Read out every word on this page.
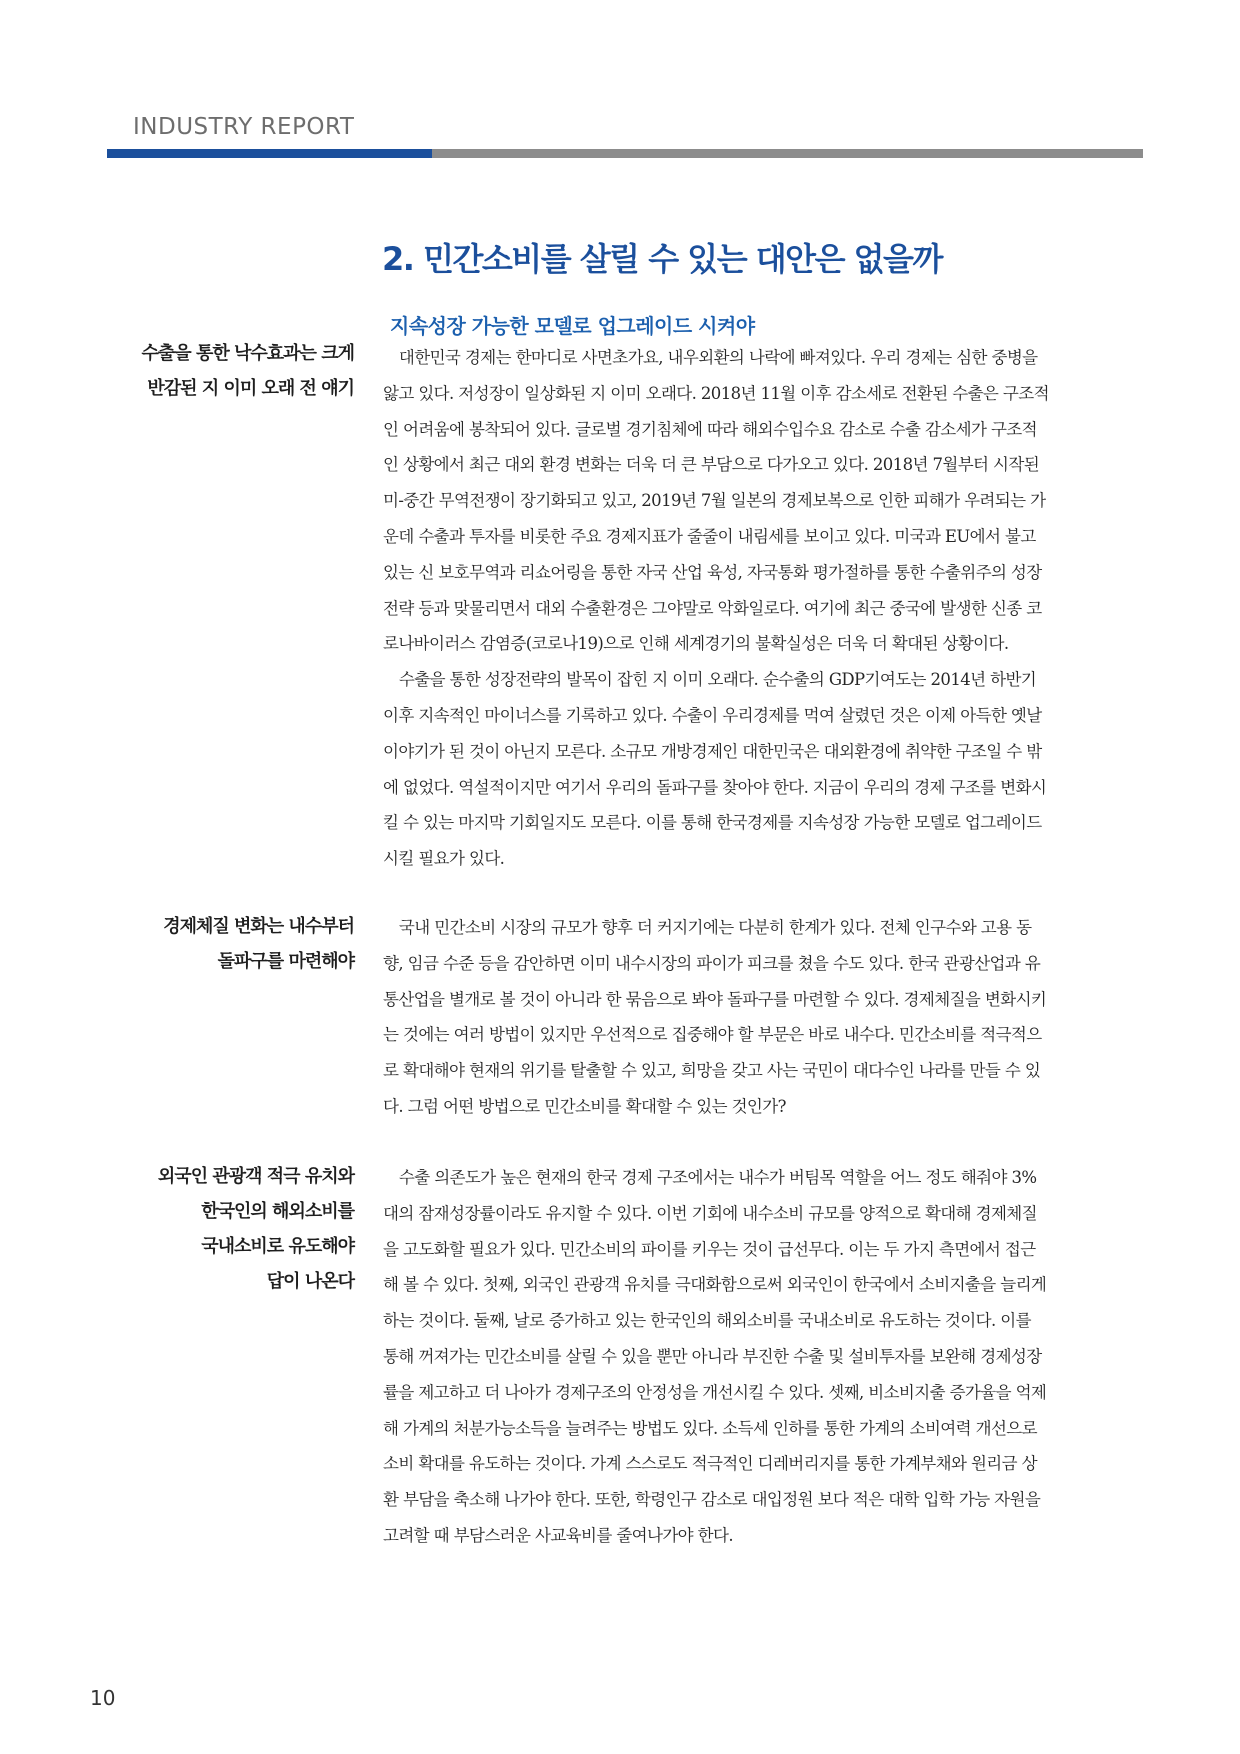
INDUSTRY REPORT
2. 민간소비를 살릴 수 있는 대안은 없을까
지속성장 가능한 모델로 업그레이드 시켜야
수출을 통한 낙수효과는 크게
반감된 지 이미 오래 전 얘기
　대한민국 경제는 한마디로 사면초가요, 내우외환의 나락에 빠져있다. 우리 경제는 심한 중병을
앓고 있다. 저성장이 일상화된 지 이미 오래다. 2018년 11월 이후 감소세로 전환된 수출은 구조적
인 어려움에 봉착되어 있다. 글로벌 경기침체에 따라 해외수입수요 감소로 수출 감소세가 구조적
인 상황에서 최근 대외 환경 변화는 더욱 더 큰 부담으로 다가오고 있다. 2018년 7월부터 시작된
미-중간 무역전쟁이 장기화되고 있고, 2019년 7월 일본의 경제보복으로 인한 피해가 우려되는 가
운데 수출과 투자를 비롯한 주요 경제지표가 줄줄이 내림세를 보이고 있다. 미국과 EU에서 불고
있는 신 보호무역과 리쇼어링을 통한 자국 산업 육성, 자국통화 평가절하를 통한 수출위주의 성장
전략 등과 맞물리면서 대외 수출환경은 그야말로 악화일로다. 여기에 최근 중국에 발생한 신종 코
로나바이러스 감염증(코로나19)으로 인해 세계경기의 불확실성은 더욱 더 확대된 상황이다.
　수출을 통한 성장전략의 발목이 잡힌 지 이미 오래다. 순수출의 GDP기여도는 2014년 하반기
이후 지속적인 마이너스를 기록하고 있다. 수출이 우리경제를 먹여 살렸던 것은 이제 아득한 옛날
이야기가 된 것이 아닌지 모른다. 소규모 개방경제인 대한민국은 대외환경에 취약한 구조일 수 밖
에 없었다. 역설적이지만 여기서 우리의 돌파구를 찾아야 한다. 지금이 우리의 경제 구조를 변화시
킬 수 있는 마지막 기회일지도 모른다. 이를 통해 한국경제를 지속성장 가능한 모델로 업그레이드
시킬 필요가 있다.
경제체질 변화는 내수부터
돌파구를 마련해야
　국내 민간소비 시장의 규모가 향후 더 커지기에는 다분히 한계가 있다. 전체 인구수와 고용 동
향, 임금 수준 등을 감안하면 이미 내수시장의 파이가 피크를 쳤을 수도 있다. 한국 관광산업과 유
통산업을 별개로 볼 것이 아니라 한 묶음으로 봐야 돌파구를 마련할 수 있다. 경제체질을 변화시키
는 것에는 여러 방법이 있지만 우선적으로 집중해야 할 부문은 바로 내수다. 민간소비를 적극적으
로 확대해야 현재의 위기를 탈출할 수 있고, 희망을 갖고 사는 국민이 대다수인 나라를 만들 수 있
다. 그럼 어떤 방법으로 민간소비를 확대할 수 있는 것인가?
외국인 관광객 적극 유치와
한국인의 해외소비를
국내소비로 유도해야
답이 나온다
　수출 의존도가 높은 현재의 한국 경제 구조에서는 내수가 버팀목 역할을 어느 정도 해줘야 3%
대의 잠재성장률이라도 유지할 수 있다. 이번 기회에 내수소비 규모를 양적으로 확대해 경제체질
을 고도화할 필요가 있다. 민간소비의 파이를 키우는 것이 급선무다. 이는 두 가지 측면에서 접근
해 볼 수 있다. 첫째, 외국인 관광객 유치를 극대화함으로써 외국인이 한국에서 소비지출을 늘리게
하는 것이다. 둘째, 날로 증가하고 있는 한국인의 해외소비를 국내소비로 유도하는 것이다. 이를
통해 꺼져가는 민간소비를 살릴 수 있을 뿐만 아니라 부진한 수출 및 설비투자를 보완해 경제성장
률을 제고하고 더 나아가 경제구조의 안정성을 개선시킬 수 있다. 셋째, 비소비지출 증가율을 억제
해 가계의 처분가능소득을 늘려주는 방법도 있다. 소득세 인하를 통한 가계의 소비여력 개선으로
소비 확대를 유도하는 것이다. 가계 스스로도 적극적인 디레버리지를 통한 가계부채와 원리금 상
환 부담을 축소해 나가야 한다. 또한, 학령인구 감소로 대입정원 보다 적은 대학 입학 가능 자원을
고려할 때 부담스러운 사교육비를 줄여나가야 한다.
10
